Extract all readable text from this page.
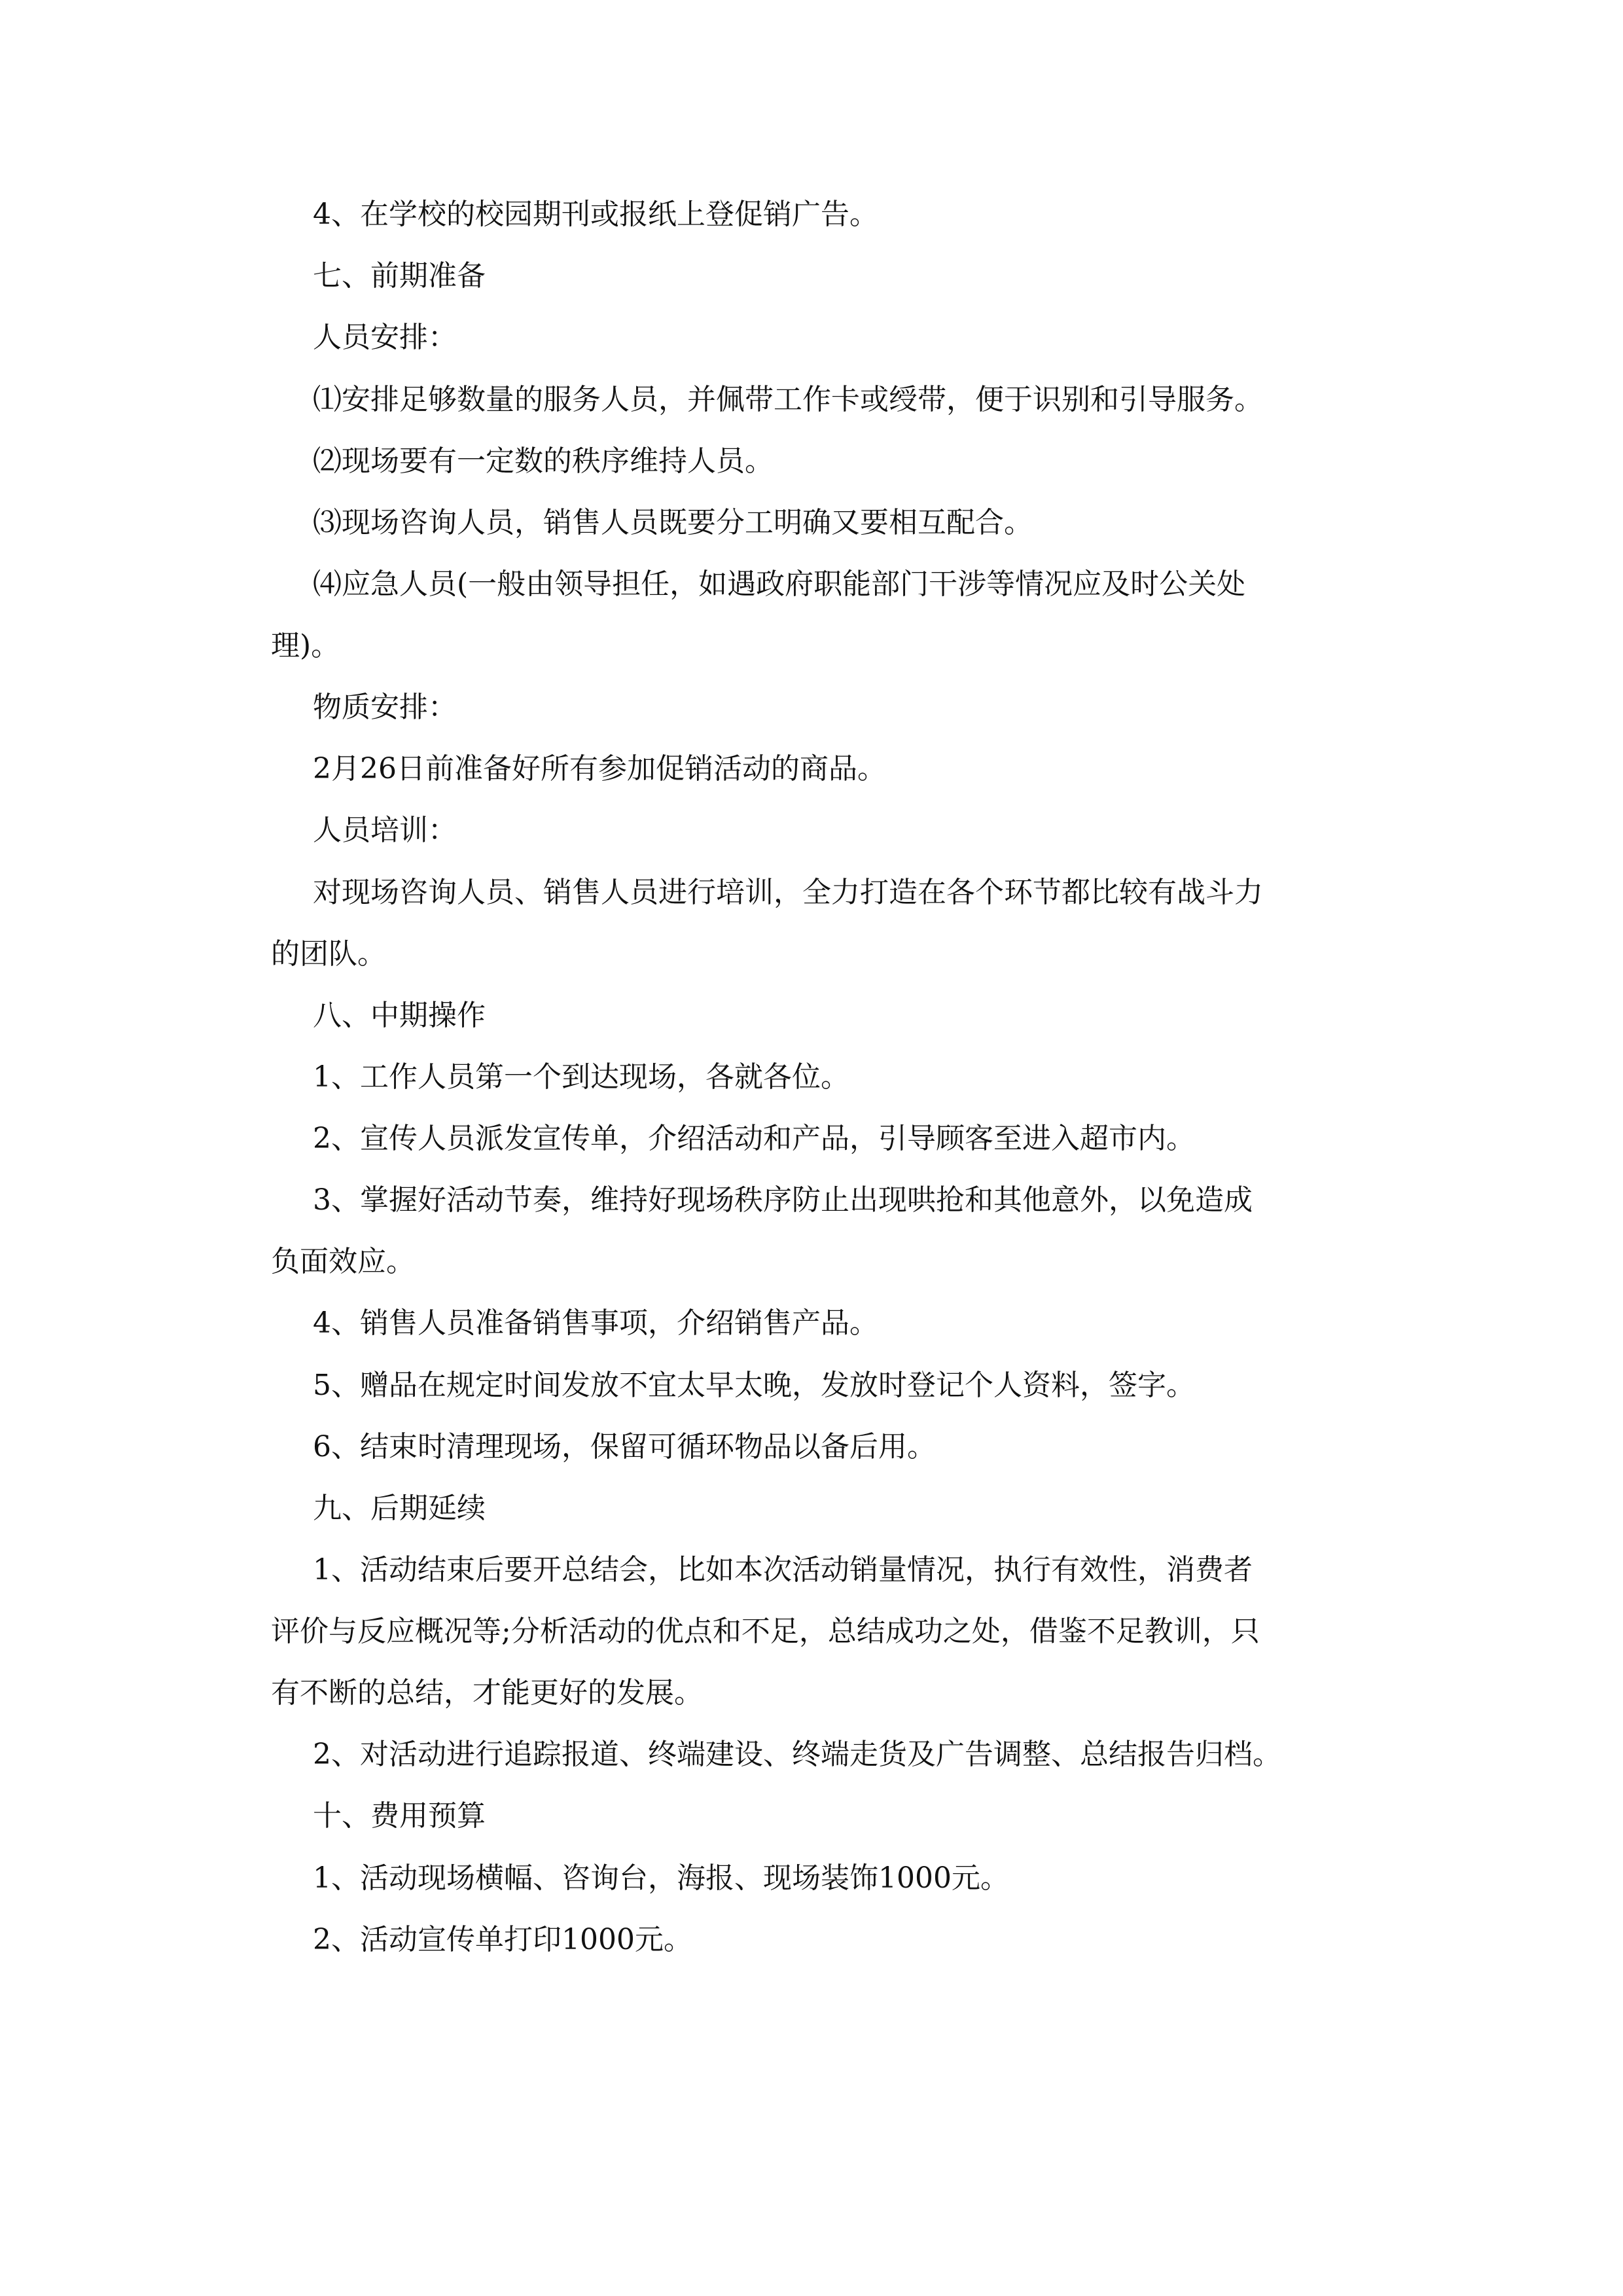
4、在学校的校园期刊或报纸上登促销广告。
七、前期准备
人员安排：
⑴安排足够数量的服务人员，并佩带工作卡或绶带，便于识别和引导服务。
⑵现场要有一定数的秩序维持人员。
⑶现场咨询人员，销售人员既要分工明确又要相互配合。
⑷应急人员(一般由领导担任，如遇政府职能部门干涉等情况应及时公关处
理)。
物质安排：
2月26日前准备好所有参加促销活动的商品。
人员培训：
对现场咨询人员、销售人员进行培训，全力打造在各个环节都比较有战斗力
的团队。
八、中期操作
1、工作人员第一个到达现场，各就各位。
2、宣传人员派发宣传单，介绍活动和产品，引导顾客至进入超市内。
3、掌握好活动节奏，维持好现场秩序防止出现哄抢和其他意外，以免造成
负面效应。
4、销售人员准备销售事项，介绍销售产品。
5、赠品在规定时间发放不宜太早太晚，发放时登记个人资料，签字。
6、结束时清理现场，保留可循环物品以备后用。
九、后期延续
1、活动结束后要开总结会，比如本次活动销量情况，执行有效性，消费者
评价与反应概况等;分析活动的优点和不足，总结成功之处，借鉴不足教训，只
有不断的总结，才能更好的发展。
2、对活动进行追踪报道、终端建设、终端走货及广告调整、总结报告归档。
十、费用预算
1、活动现场横幅、咨询台，海报、现场装饰1000元。
2、活动宣传单打印1000元。
